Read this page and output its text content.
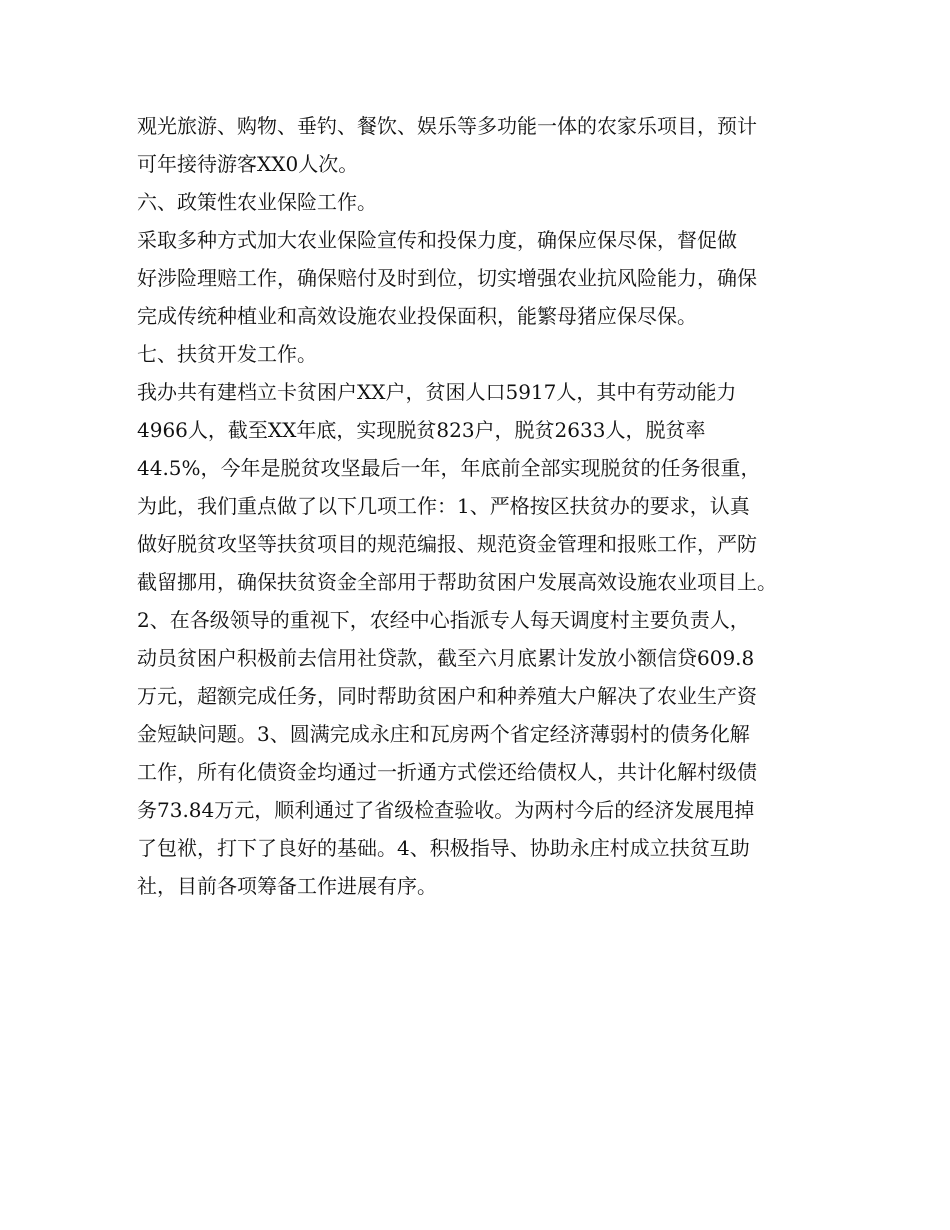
观光旅游、购物、垂钓、餐饮、娱乐等多功能一体的农家乐项目，预计
可年接待游客XX0人次。
六、政策性农业保险工作。
采取多种方式加大农业保险宣传和投保力度，确保应保尽保，督促做
好涉险理赔工作，确保赔付及时到位，切实增强农业抗风险能力，确保
完成传统种植业和高效设施农业投保面积，能繁母猪应保尽保。
七、扶贫开发工作。
我办共有建档立卡贫困户XX户，贫困人口5917人，其中有劳动能力
4966人，截至XX年底，实现脱贫823户，脱贫2633人，脱贫率
44.5%，今年是脱贫攻坚最后一年，年底前全部实现脱贫的任务很重，
为此，我们重点做了以下几项工作：1、严格按区扶贫办的要求，认真
做好脱贫攻坚等扶贫项目的规范编报、规范资金管理和报账工作，严防
截留挪用，确保扶贫资金全部用于帮助贫困户发展高效设施农业项目上。
2、在各级领导的重视下，农经中心指派专人每天调度村主要负责人，
动员贫困户积极前去信用社贷款，截至六月底累计发放小额信贷609.8
万元，超额完成任务，同时帮助贫困户和种养殖大户解决了农业生产资
金短缺问题。3、圆满完成永庄和瓦房两个省定经济薄弱村的债务化解
工作，所有化债资金均通过一折通方式偿还给债权人，共计化解村级债
务73.84万元，顺利通过了省级检查验收。为两村今后的经济发展甩掉
了包袱，打下了良好的基础。4、积极指导、协助永庄村成立扶贫互助
社，目前各项筹备工作进展有序。
